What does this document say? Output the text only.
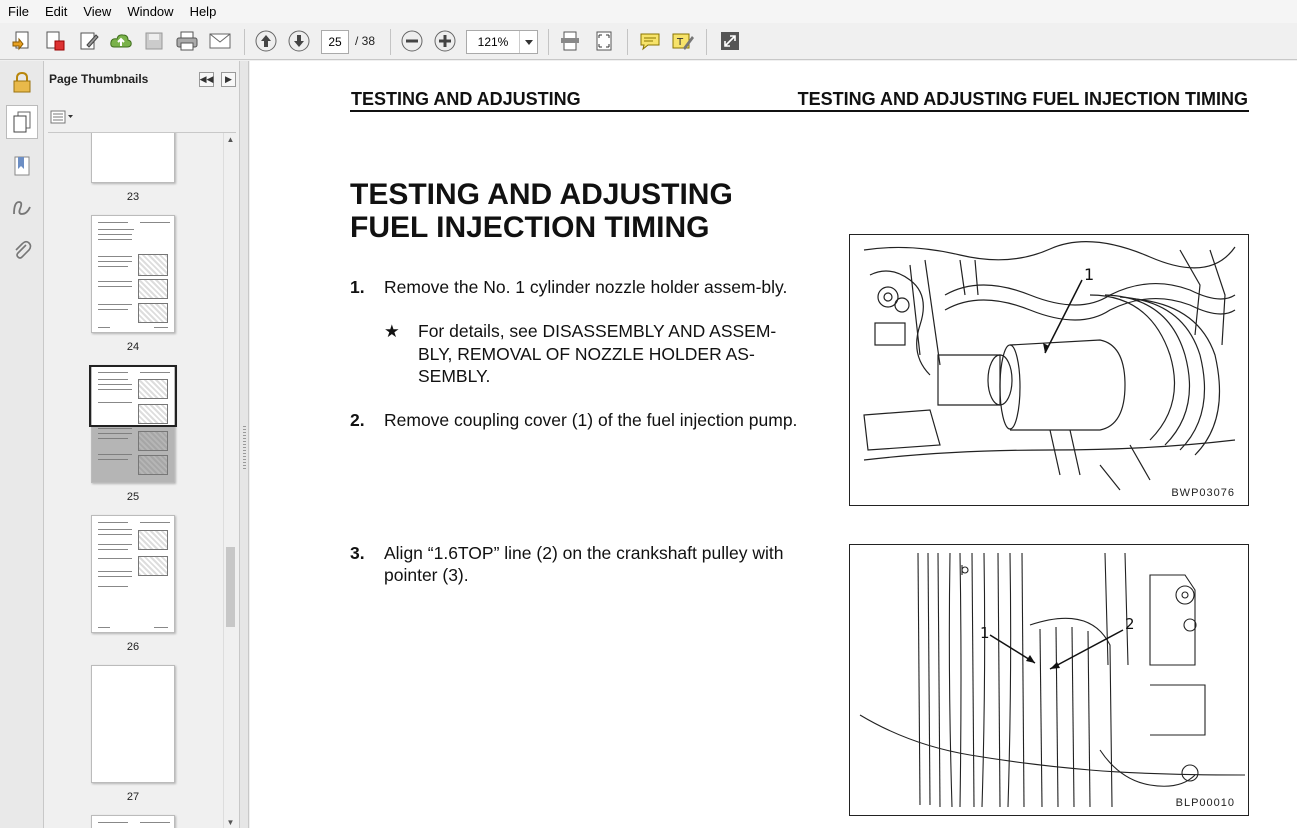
File	Edit	View	Window	Help
25	/ 38	121%	T
Page Thumbnails	◀◀	▶
23
24
25
26
27
▲
▼
TESTING AND ADJUSTING	TESTING AND ADJUSTING FUEL INJECTION TIMING
TESTING AND ADJUSTING
FUEL INJECTION TIMING
1. Remove the No. 1 cylinder nozzle holder assem-bly.
★ For details, see DISASSEMBLY AND ASSEM-BLY, REMOVAL OF NOZZLE HOLDER AS-SEMBLY.
2. Remove coupling cover (1) of the fuel injection pump.
3. Align “1.6TOP” line (2) on the crankshaft pulley with pointer (3).
1
BWP03076
1	2
BLP00010
